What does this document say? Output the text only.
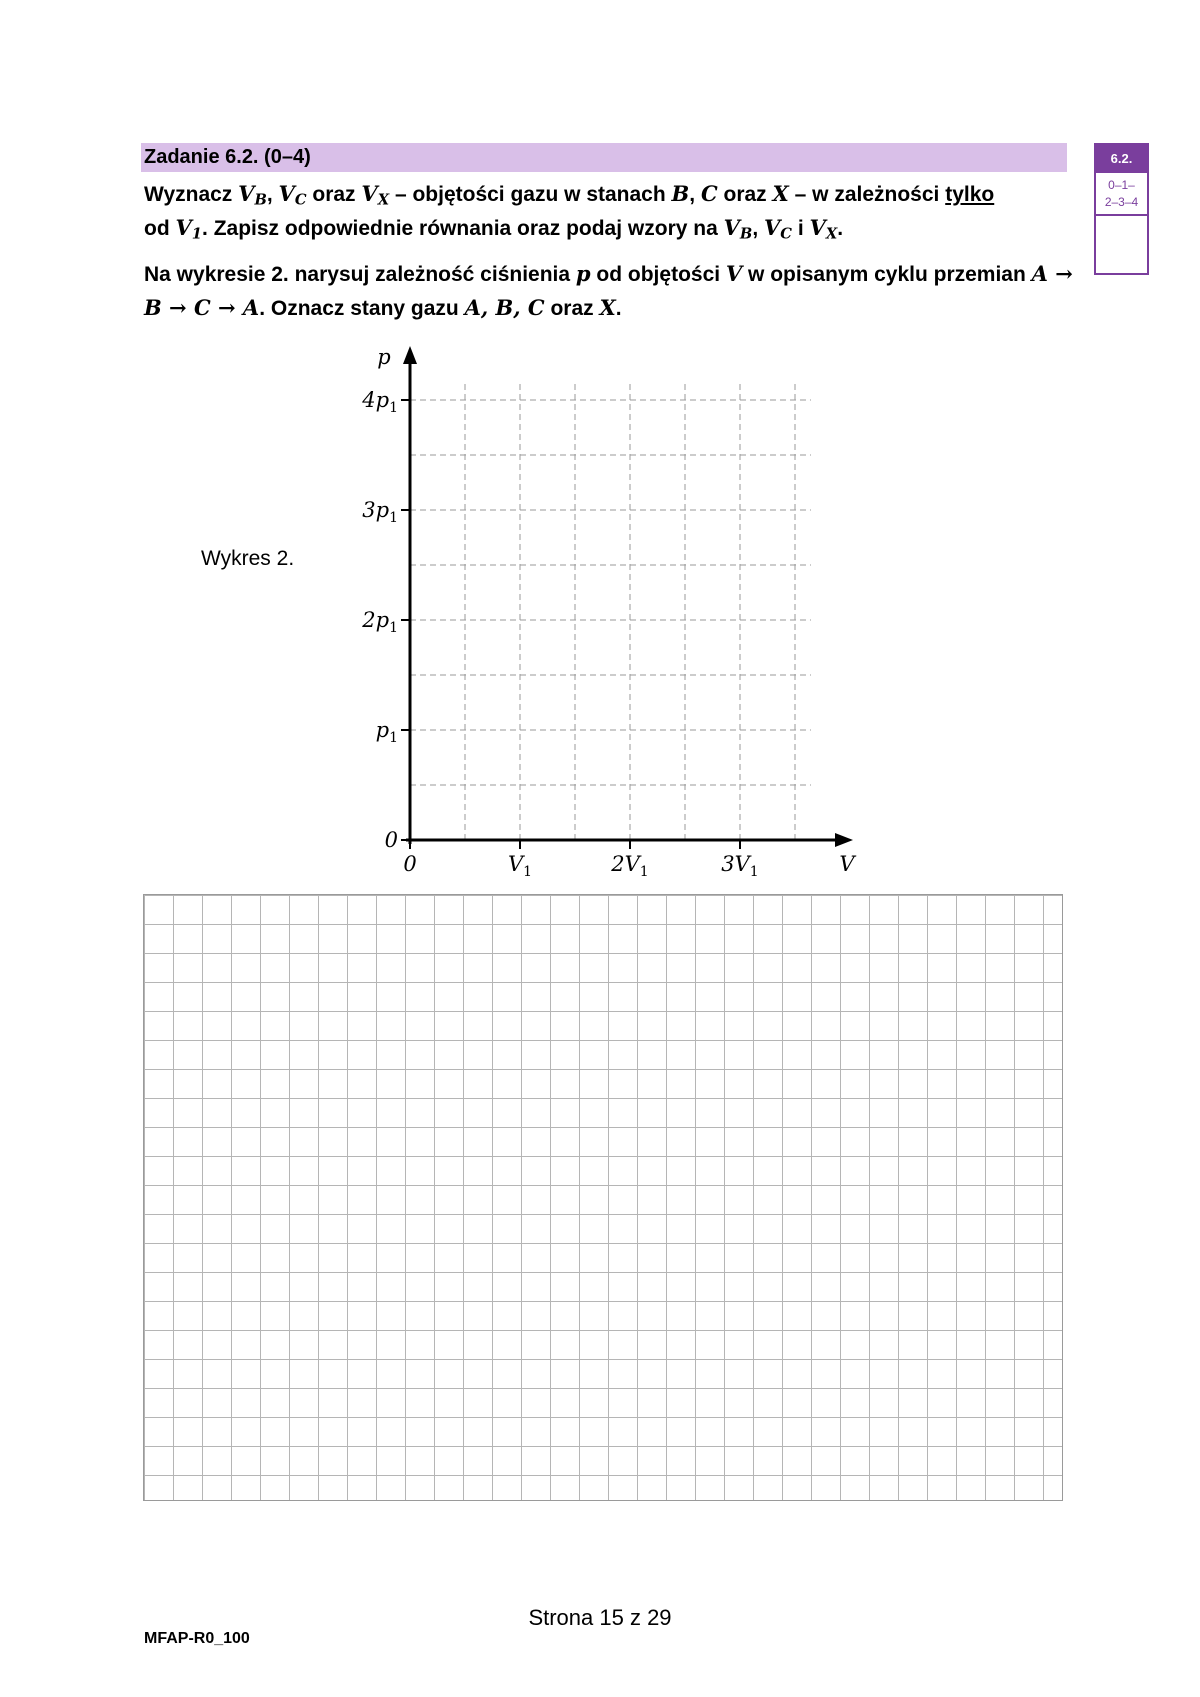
Zadanie 6.2. (0–4)
Wyznacz $V_B$, $V_C$ oraz $V_X$ – objętości gazu w stanach B, C oraz X – w zależności tylko
od $V_1$. Zapisz odpowiednie równania oraz podaj wzory na $V_B$, $V_C$ i $V_X$.
Na wykresie 2. narysuj zależność ciśnienia p od objętości V w opisanym cyklu przemian A → B → C → A. Oznacz stany gazu A, B, C oraz X.
6.2.
0–1–
2–3–4
Wykres 2.
0
$p_1$
$2p_1$
$3p_1$
$4p_1$
0	$V_1$	$2V_1$	$3V_1$
p
V
Strona 15 z 29
MFAP-R0_100
